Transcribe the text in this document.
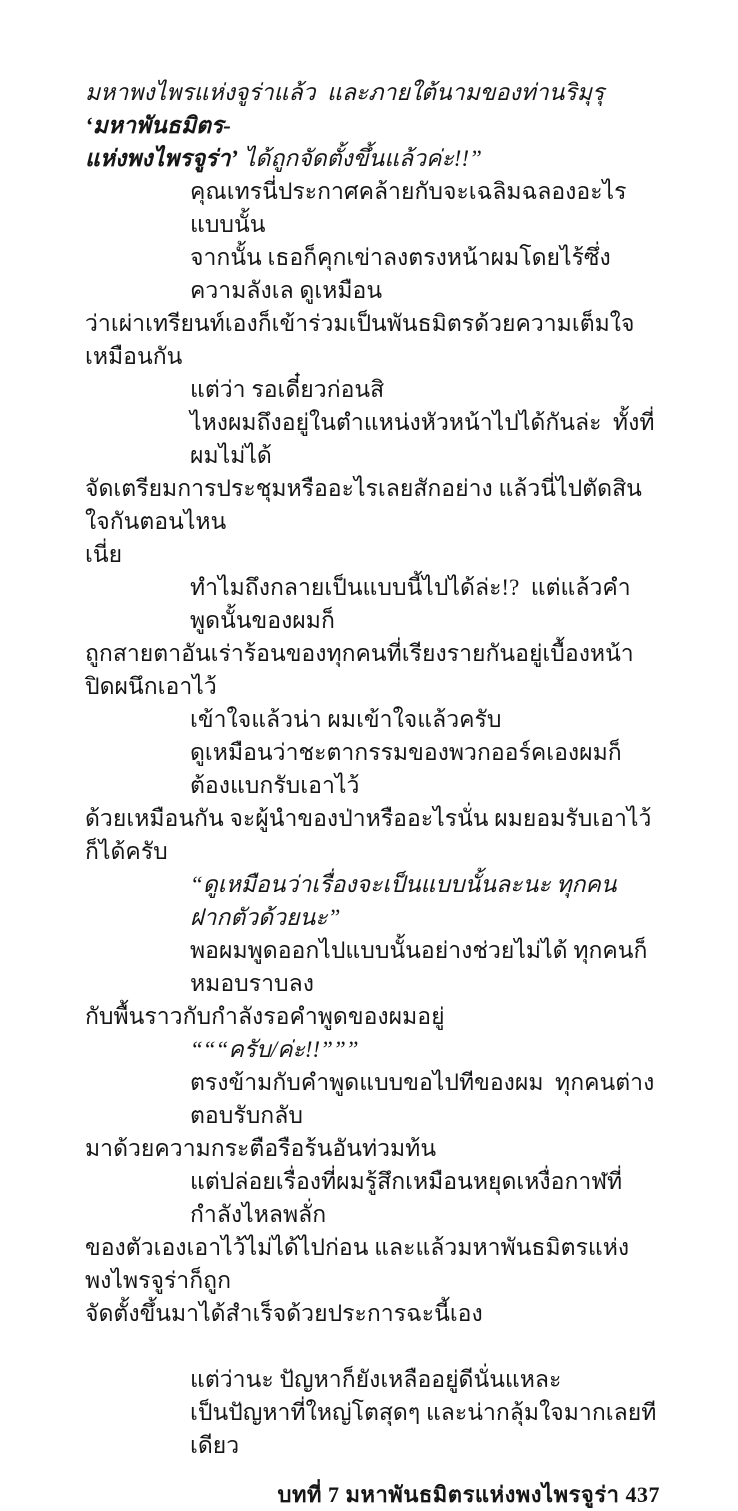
มหาพงไพรแห่งจูร่าแล้ว  และภายใต้นามของท่านริมุรุ ‘มหาพันธมิตร-
แห่งพงไพรจูร่า’ ได้ถูกจัดตั้งขึ้นแล้วค่ะ!!”
คุณเทรนี่ประกาศคล้ายกับจะเฉลิมฉลองอะไรแบบนั้น
จากนั้น เธอก็คุกเข่าลงตรงหน้าผมโดยไร้ซึ่งความลังเล ดูเหมือน
ว่าเผ่าเทรียนท์เองก็เข้าร่วมเป็นพันธมิตรด้วยความเต็มใจเหมือนกัน
แต่ว่า รอเดี๋ยวก่อนสิ
ไหงผมถึงอยู่ในตำแหน่งหัวหน้าไปได้กันล่ะ  ทั้งที่ผมไม่ได้
จัดเตรียมการประชุมหรืออะไรเลยสักอย่าง แล้วนี่ไปตัดสินใจกันตอนไหน
เนี่ย
ทำไมถึงกลายเป็นแบบนี้ไปได้ล่ะ!?  แต่แล้วคำพูดนั้นของผมก็
ถูกสายตาอันเร่าร้อนของทุกคนที่เรียงรายกันอยู่เบื้องหน้าปิดผนึกเอาไว้
เข้าใจแล้วน่า ผมเข้าใจแล้วครับ
ดูเหมือนว่าชะตากรรมของพวกออร์คเองผมก็ต้องแบกรับเอาไว้
ด้วยเหมือนกัน จะผู้นำของป่าหรืออะไรนั่น ผมยอมรับเอาไว้ก็ได้ครับ
“ดูเหมือนว่าเรื่องจะเป็นแบบนั้นละนะ ทุกคน ฝากตัวด้วยนะ”
พอผมพูดออกไปแบบนั้นอย่างช่วยไม่ได้ ทุกคนก็หมอบราบลง
กับพื้นราวกับกำลังรอคำพูดของผมอยู่
“““ครับ/ค่ะ!!”””
ตรงข้ามกับคำพูดแบบขอไปทีของผม  ทุกคนต่างตอบรับกลับ
มาด้วยความกระตือรือร้นอันท่วมท้น
แต่ปล่อยเรื่องที่ผมรู้สึกเหมือนหยุดเหงื่อกาฬที่กำลังไหลพลั่ก
ของตัวเองเอาไว้ไม่ได้ไปก่อน และแล้วมหาพันธมิตรแห่งพงไพรจูร่าก็ถูก
จัดตั้งขึ้นมาได้สำเร็จด้วยประการฉะนี้เอง
แต่ว่านะ ปัญหาก็ยังเหลืออยู่ดีนั่นแหละ
เป็นปัญหาที่ใหญ่โตสุดๆ และน่ากลุ้มใจมากเลยทีเดียว
บทที่ 7 มหาพันธมิตรแห่งพงไพรจูร่า 437
